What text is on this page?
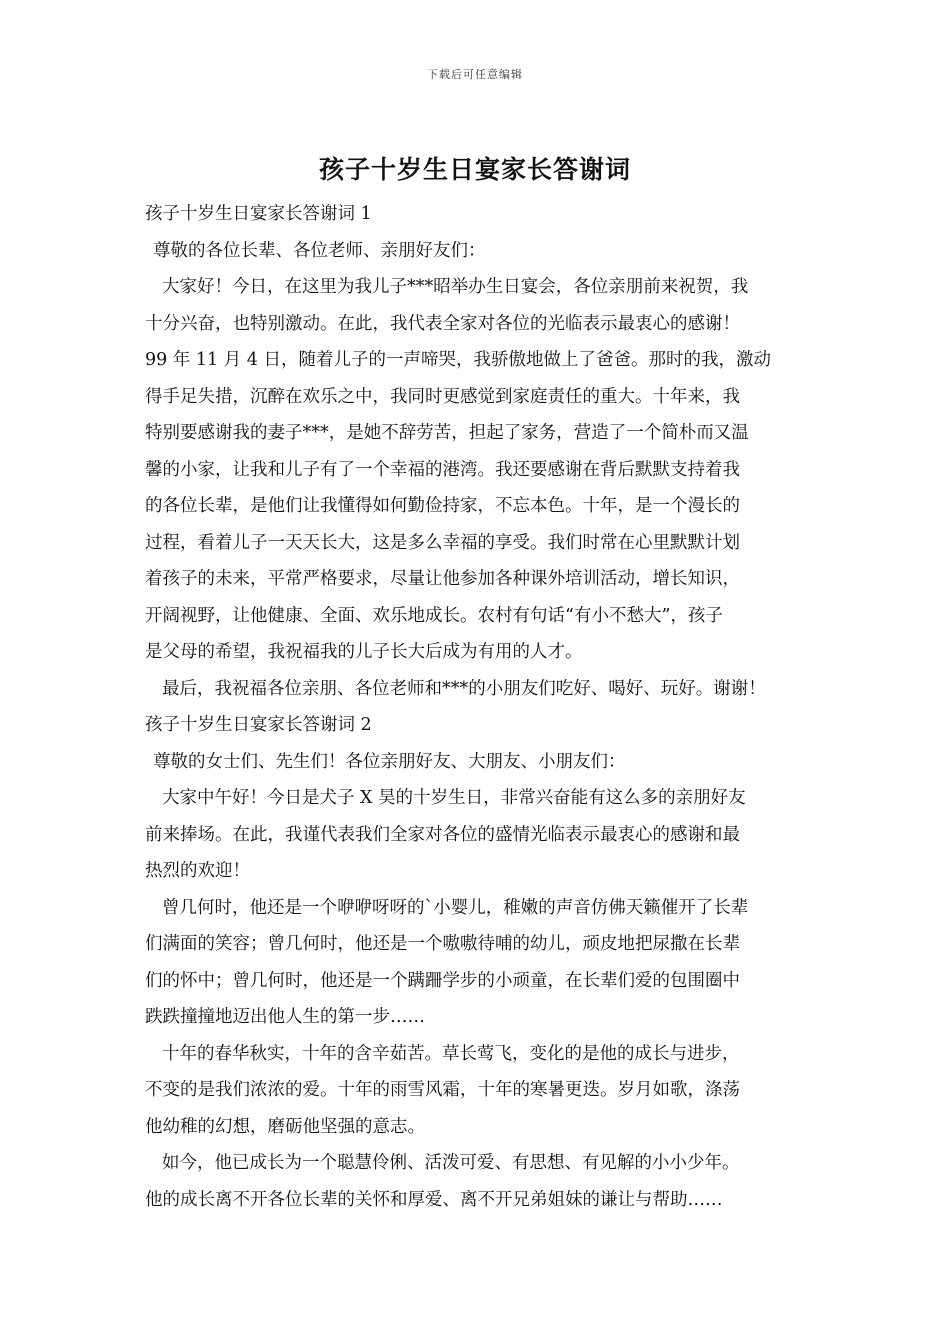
下载后可任意编辑
孩子十岁生日宴家长答谢词
孩子十岁生日宴家长答谢词 1
尊敬的各位长辈、各位老师、亲朋好友们：
大家好！今日，在这里为我儿子***昭举办生日宴会，各位亲朋前来祝贺，我
十分兴奋，也特别激动。在此，我代表全家对各位的光临表示最衷心的感谢！
99 年 11 月 4 日，随着儿子的一声啼哭，我骄傲地做上了爸爸。那时的我，激动
得手足失措，沉醉在欢乐之中，我同时更感觉到家庭责任的重大。十年来，我
特别要感谢我的妻子***，是她不辞劳苦，担起了家务，营造了一个简朴而又温
馨的小家，让我和儿子有了一个幸福的港湾。我还要感谢在背后默默支持着我
的各位长辈，是他们让我懂得如何勤俭持家，不忘本色。十年，是一个漫长的
过程，看着儿子一天天长大，这是多么幸福的享受。我们时常在心里默默计划
着孩子的未来，平常严格要求，尽量让他参加各种课外培训活动，增长知识，
开阔视野，让他健康、全面、欢乐地成长。农村有句话“有小不愁大”，孩子
是父母的希望，我祝福我的儿子长大后成为有用的人才。
最后，我祝福各位亲朋、各位老师和***的小朋友们吃好、喝好、玩好。谢谢！
孩子十岁生日宴家长答谢词 2
尊敬的女士们、先生们！各位亲朋好友、大朋友、小朋友们：
大家中午好！今日是犬子 X 昊的十岁生日，非常兴奋能有这么多的亲朋好友
前来捧场。在此，我谨代表我们全家对各位的盛情光临表示最衷心的感谢和最
热烈的欢迎！
曾几何时，他还是一个咿咿呀呀的`小婴儿，稚嫩的声音仿佛天籁催开了长辈
们满面的笑容；曾几何时，他还是一个嗷嗷待哺的幼儿，顽皮地把尿撒在长辈
们的怀中；曾几何时，他还是一个蹒跚学步的小顽童，在长辈们爱的包围圈中
跌跌撞撞地迈出他人生的第一步……
十年的春华秋实，十年的含辛茹苦。草长莺飞，变化的是他的成长与进步，
不变的是我们浓浓的爱。十年的雨雪风霜，十年的寒暑更迭。岁月如歌，涤荡
他幼稚的幻想，磨砺他坚强的意志。
如今，他已成长为一个聪慧伶俐、活泼可爱、有思想、有见解的小小少年。
他的成长离不开各位长辈的关怀和厚爱、离不开兄弟姐妹的谦让与帮助……
